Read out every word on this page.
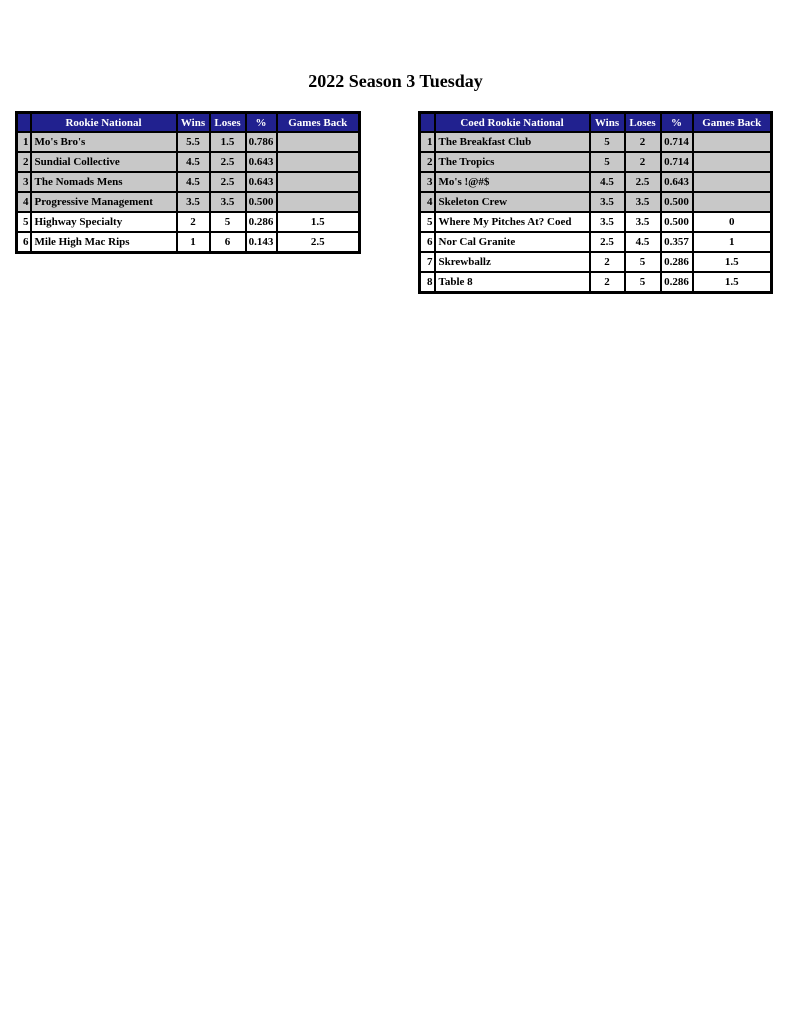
2022 Season 3 Tuesday
	Rookie National	Wins	Loses	%	Games Back
1	Mo's Bro's	5.5	1.5	0.786	
2	Sundial Collective	4.5	2.5	0.643	
3	The Nomads Mens	4.5	2.5	0.643	
4	Progressive Management	3.5	3.5	0.500	
5	Highway Specialty	2	5	0.286	1.5
6	Mile High Mac Rips	1	6	0.143	2.5
	Coed Rookie National	Wins	Loses	%	Games Back
1	The Breakfast Club	5	2	0.714	
2	The Tropics	5	2	0.714	
3	Mo's !@#$	4.5	2.5	0.643	
4	Skeleton Crew	3.5	3.5	0.500	
5	Where My Pitches At? Coed	3.5	3.5	0.500	0
6	Nor Cal Granite	2.5	4.5	0.357	1
7	Skrewballz	2	5	0.286	1.5
8	Table 8	2	5	0.286	1.5
